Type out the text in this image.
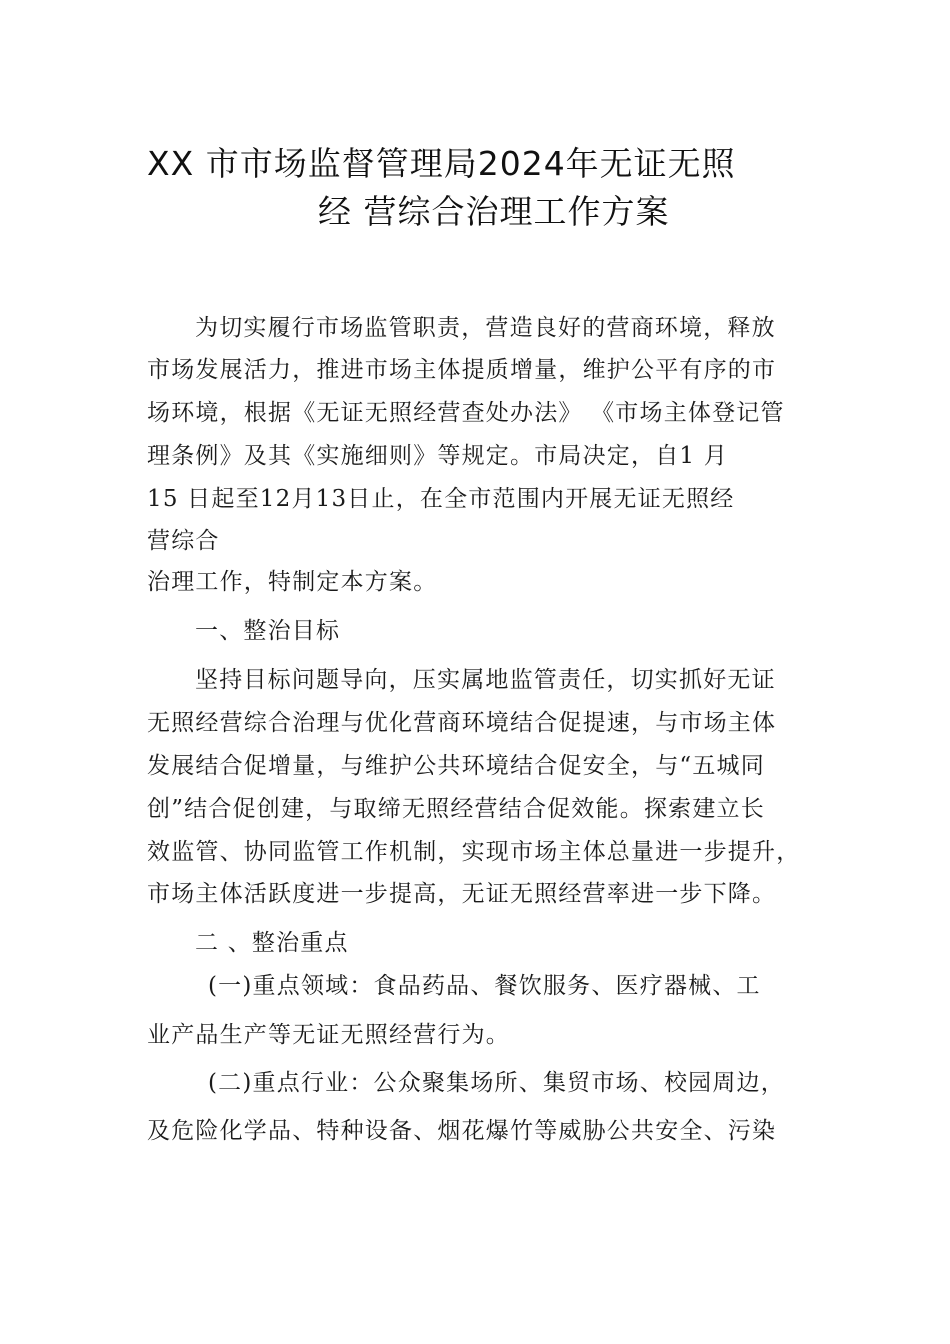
XX 市市场监督管理局2024年无证无照
经 营综合治理工作方案
为切实履行市场监管职责，营造良好的营商环境，释放
市场发展活力，推进市场主体提质增量，维护公平有序的市
场环境，根据《无证无照经营查处办法》 《市场主体登记管
理条例》及其《实施细则》等规定。市局决定，自1 月
15 日起至12月13日止，在全市范围内开展无证无照经
营综合
治理工作，特制定本方案。
一、整治目标
坚持目标问题导向，压实属地监管责任，切实抓好无证
无照经营综合治理与优化营商环境结合促提速，与市场主体
发展结合促增量，与维护公共环境结合促安全，与“五城同
创”结合促创建，与取缔无照经营结合促效能。探索建立长
效监管、协同监管工作机制，实现市场主体总量进一步提升，
市场主体活跃度进一步提高，无证无照经营率进一步下降。
二 、整治重点
(一)重点领域：食品药品、餐饮服务、医疗器械、工
业产品生产等无证无照经营行为。
(二)重点行业：公众聚集场所、集贸市场、校园周边，
及危险化学品、特种设备、烟花爆竹等威胁公共安全、污染
